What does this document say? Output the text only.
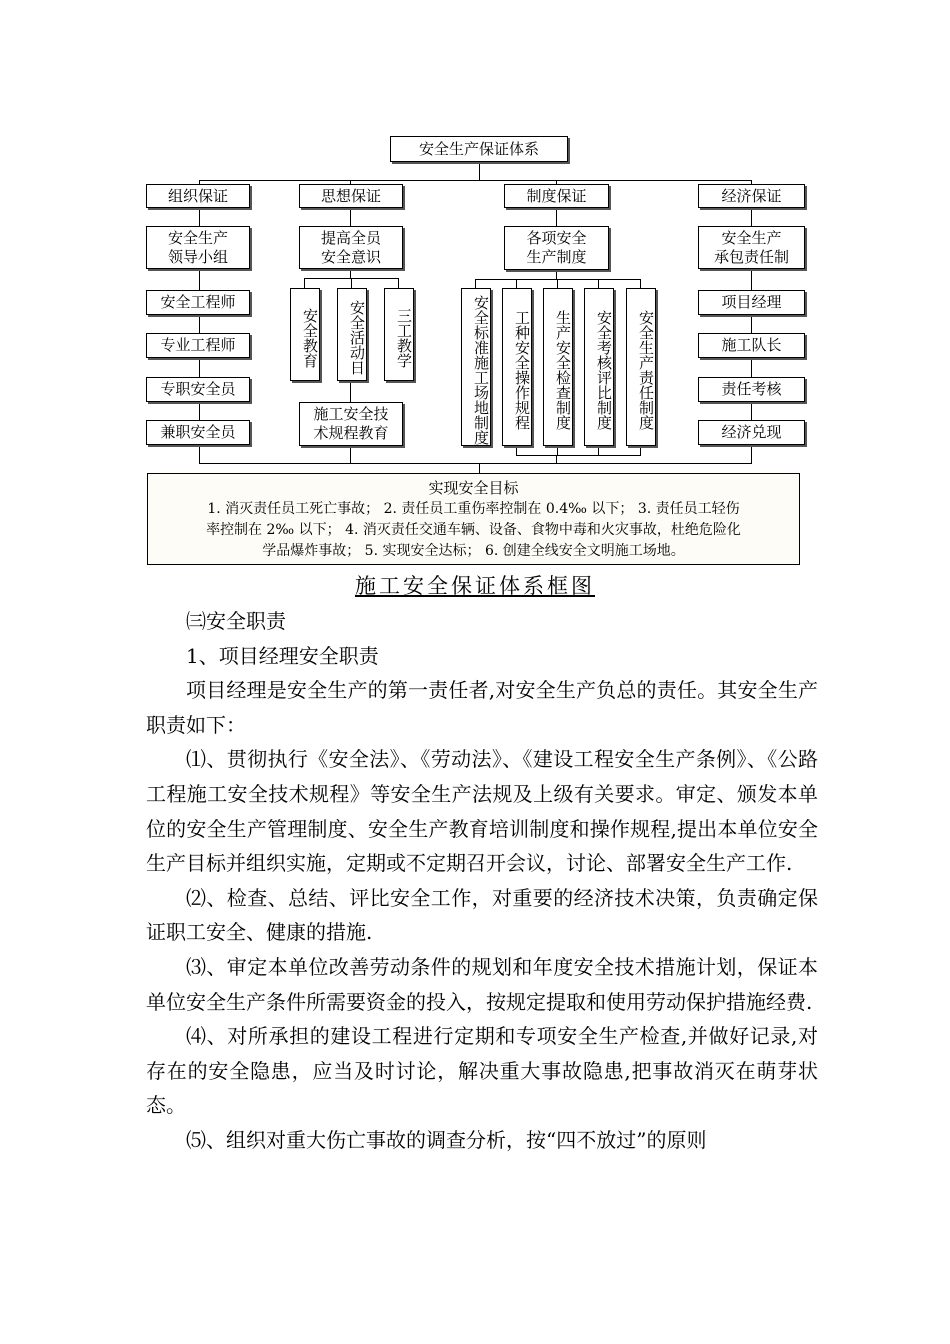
安全生产保证体系
组织保证	思想保证	制度保证	经济保证
安全生产
领导小组
安全工程师
专业工程师
专职安全员
兼职安全员
提高全员
安全意识
安全教育	安全活动日	三工教学
施工安全技
术规程教育
各项安全
生产制度
安全标准施工场地制度	工种安全操作规程	生产安全检查制度	安全考核评比制度	安全生产责任制度
安全生产
承包责任制
项目经理
施工队长
责任考核
经济兑现
实现安全目标
1. 消灭责任员工死亡事故； 2. 责任员工重伤率控制在 0.4‰ 以下； 3. 责任员工轻伤
率控制在 2‰ 以下； 4. 消灭责任交通车辆、设备、食物中毒和火灾事故，杜绝危险化
学品爆炸事故； 5. 实现安全达标； 6. 创建全线安全文明施工场地。
施工安全保证体系框图

㈢安全职责

1、项目经理安全职责

项目经理是安全生产的第一责任者,对安全生产负总的责任。其安全生产职责如下：

⑴、贯彻执行《安全法》、《劳动法》、《建设工程安全生产条例》、《公路工程施工安全技术规程》等安全生产法规及上级有关要求。审定、颁发本单位的安全生产管理制度、安全生产教育培训制度和操作规程,提出本单位安全生产目标并组织实施，定期或不定期召开会议，讨论、部署安全生产工作.

⑵、检查、总结、评比安全工作，对重要的经济技术决策，负责确定保证职工安全、健康的措施.

⑶、审定本单位改善劳动条件的规划和年度安全技术措施计划，保证本单位安全生产条件所需要资金的投入，按规定提取和使用劳动保护措施经费.

⑷、对所承担的建设工程进行定期和专项安全生产检查,并做好记录,对存在的安全隐患，应当及时讨论，解决重大事故隐患,把事故消灭在萌芽状态。

⑸、组织对重大伤亡事故的调查分析，按“四不放过”的原则
